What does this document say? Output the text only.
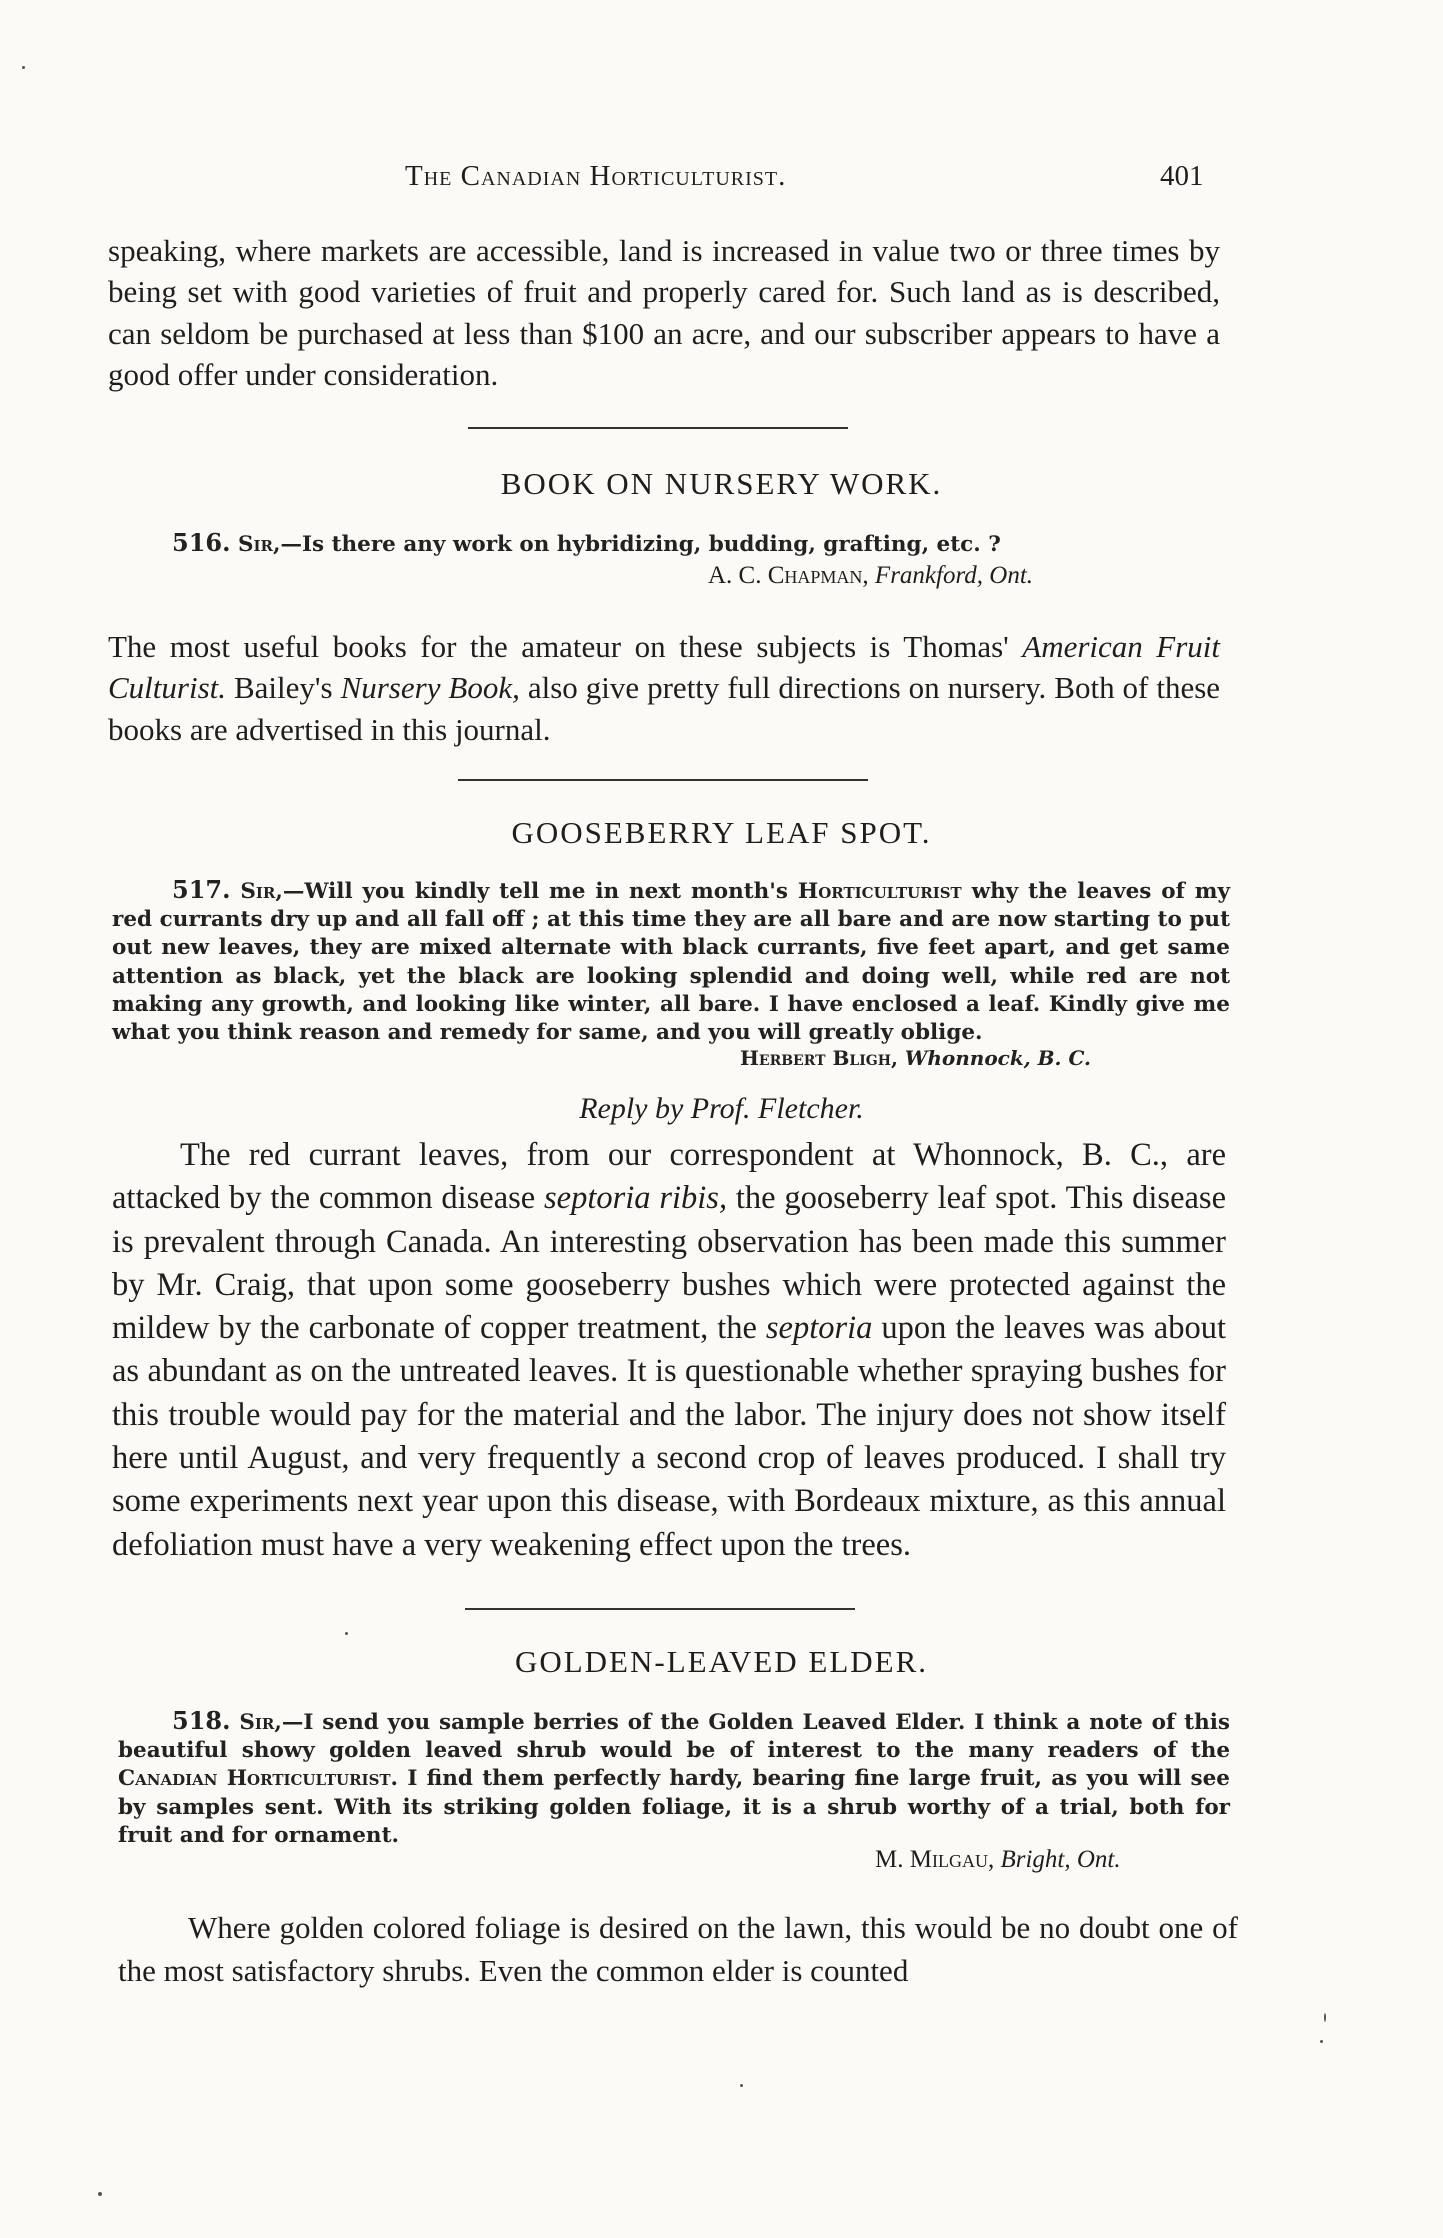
The Canadian Horticulturist.	401
speaking, where markets are accessible, land is increased in value two or three times by being set with good varieties of fruit and properly cared for. Such land as is described, can seldom be purchased at less than $100 an acre, and our subscriber appears to have a good offer under consideration.
BOOK ON NURSERY WORK.
516. Sir,—Is there any work on hybridizing, budding, grafting, etc. ?
A. C. Chapman, Frankford, Ont.
The most useful books for the amateur on these subjects is Thomas' American Fruit Culturist. Bailey's Nursery Book, also give pretty full directions on nursery. Both of these books are advertised in this journal.
GOOSEBERRY LEAF SPOT.
517. Sir,—Will you kindly tell me in next month's Horticulturist why the leaves of my red currants dry up and all fall off ; at this time they are all bare and are now starting to put out new leaves, they are mixed alternate with black currants, five feet apart, and get same attention as black, yet the black are looking splendid and doing well, while red are not making any growth, and looking like winter, all bare. I have enclosed a leaf. Kindly give me what you think reason and remedy for same, and you will greatly oblige.
Herbert Bligh, Whonnock, B. C.
Reply by Prof. Fletcher.
The red currant leaves, from our correspondent at Whonnock, B. C., are attacked by the common disease septoria ribis, the gooseberry leaf spot. This disease is prevalent through Canada. An interesting observation has been made this summer by Mr. Craig, that upon some gooseberry bushes which were protected against the mildew by the carbonate of copper treatment, the septoria upon the leaves was about as abundant as on the untreated leaves. It is questionable whether spraying bushes for this trouble would pay for the material and the labor. The injury does not show itself here until August, and very frequently a second crop of leaves produced. I shall try some experiments next year upon this disease, with Bordeaux mixture, as this annual defoliation must have a very weakening effect upon the trees.
GOLDEN-LEAVED ELDER.
518. Sir,—I send you sample berries of the Golden Leaved Elder. I think a note of this beautiful showy golden leaved shrub would be of interest to the many readers of the Canadian Horticulturist. I find them perfectly hardy, bearing fine large fruit, as you will see by samples sent. With its striking golden foliage, it is a shrub worthy of a trial, both for fruit and for ornament.
M. Milgau, Bright, Ont.
Where golden colored foliage is desired on the lawn, this would be no doubt one of the most satisfactory shrubs. Even the common elder is counted
